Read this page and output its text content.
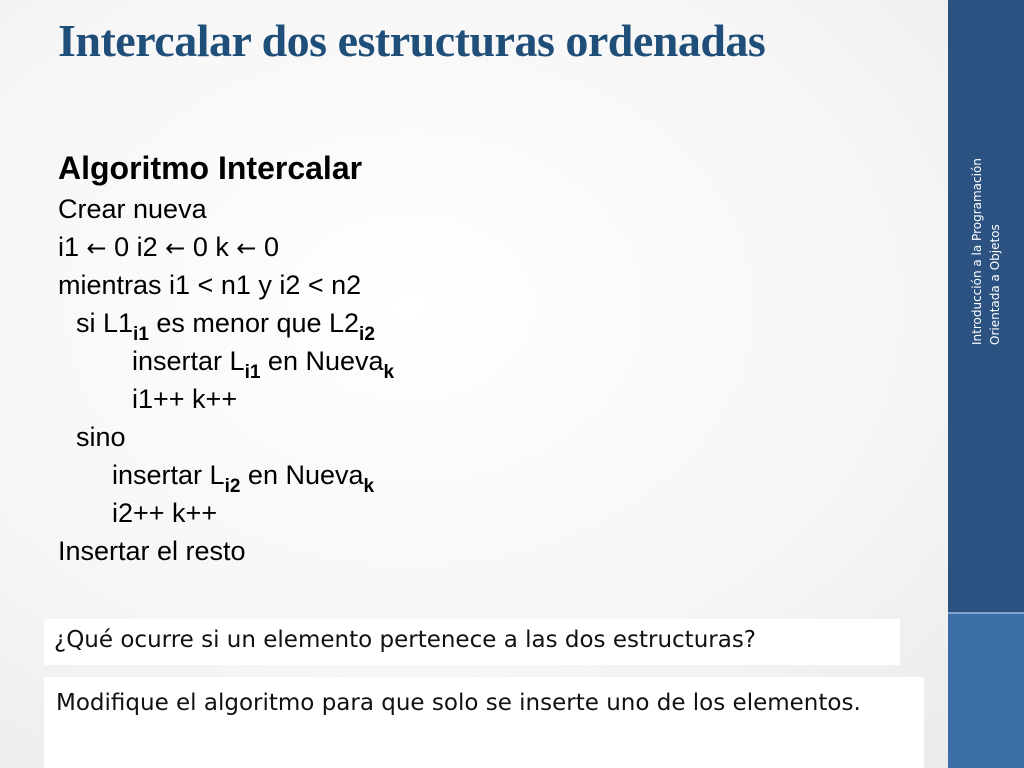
Intercalar dos estructuras ordenadas
Introducción a la Programación Orientada a Objetos
Algoritmo Intercalar
Crear nueva
i1 ← 0 i2 ← 0 k ← 0
mientras i1 < n1 y i2 < n2
si $L1_{i1}$ es menor que $L2_{i2}$
insertar $L_{i1}$ en Nueva$_k$
i1++ k++
sino
insertar $L_{i2}$ en Nueva$_k$
i2++ k++
Insertar el resto
¿Qué ocurre si un elemento pertenece a las dos estructuras?
Modifique el algoritmo para que solo se inserte uno de los elementos.
